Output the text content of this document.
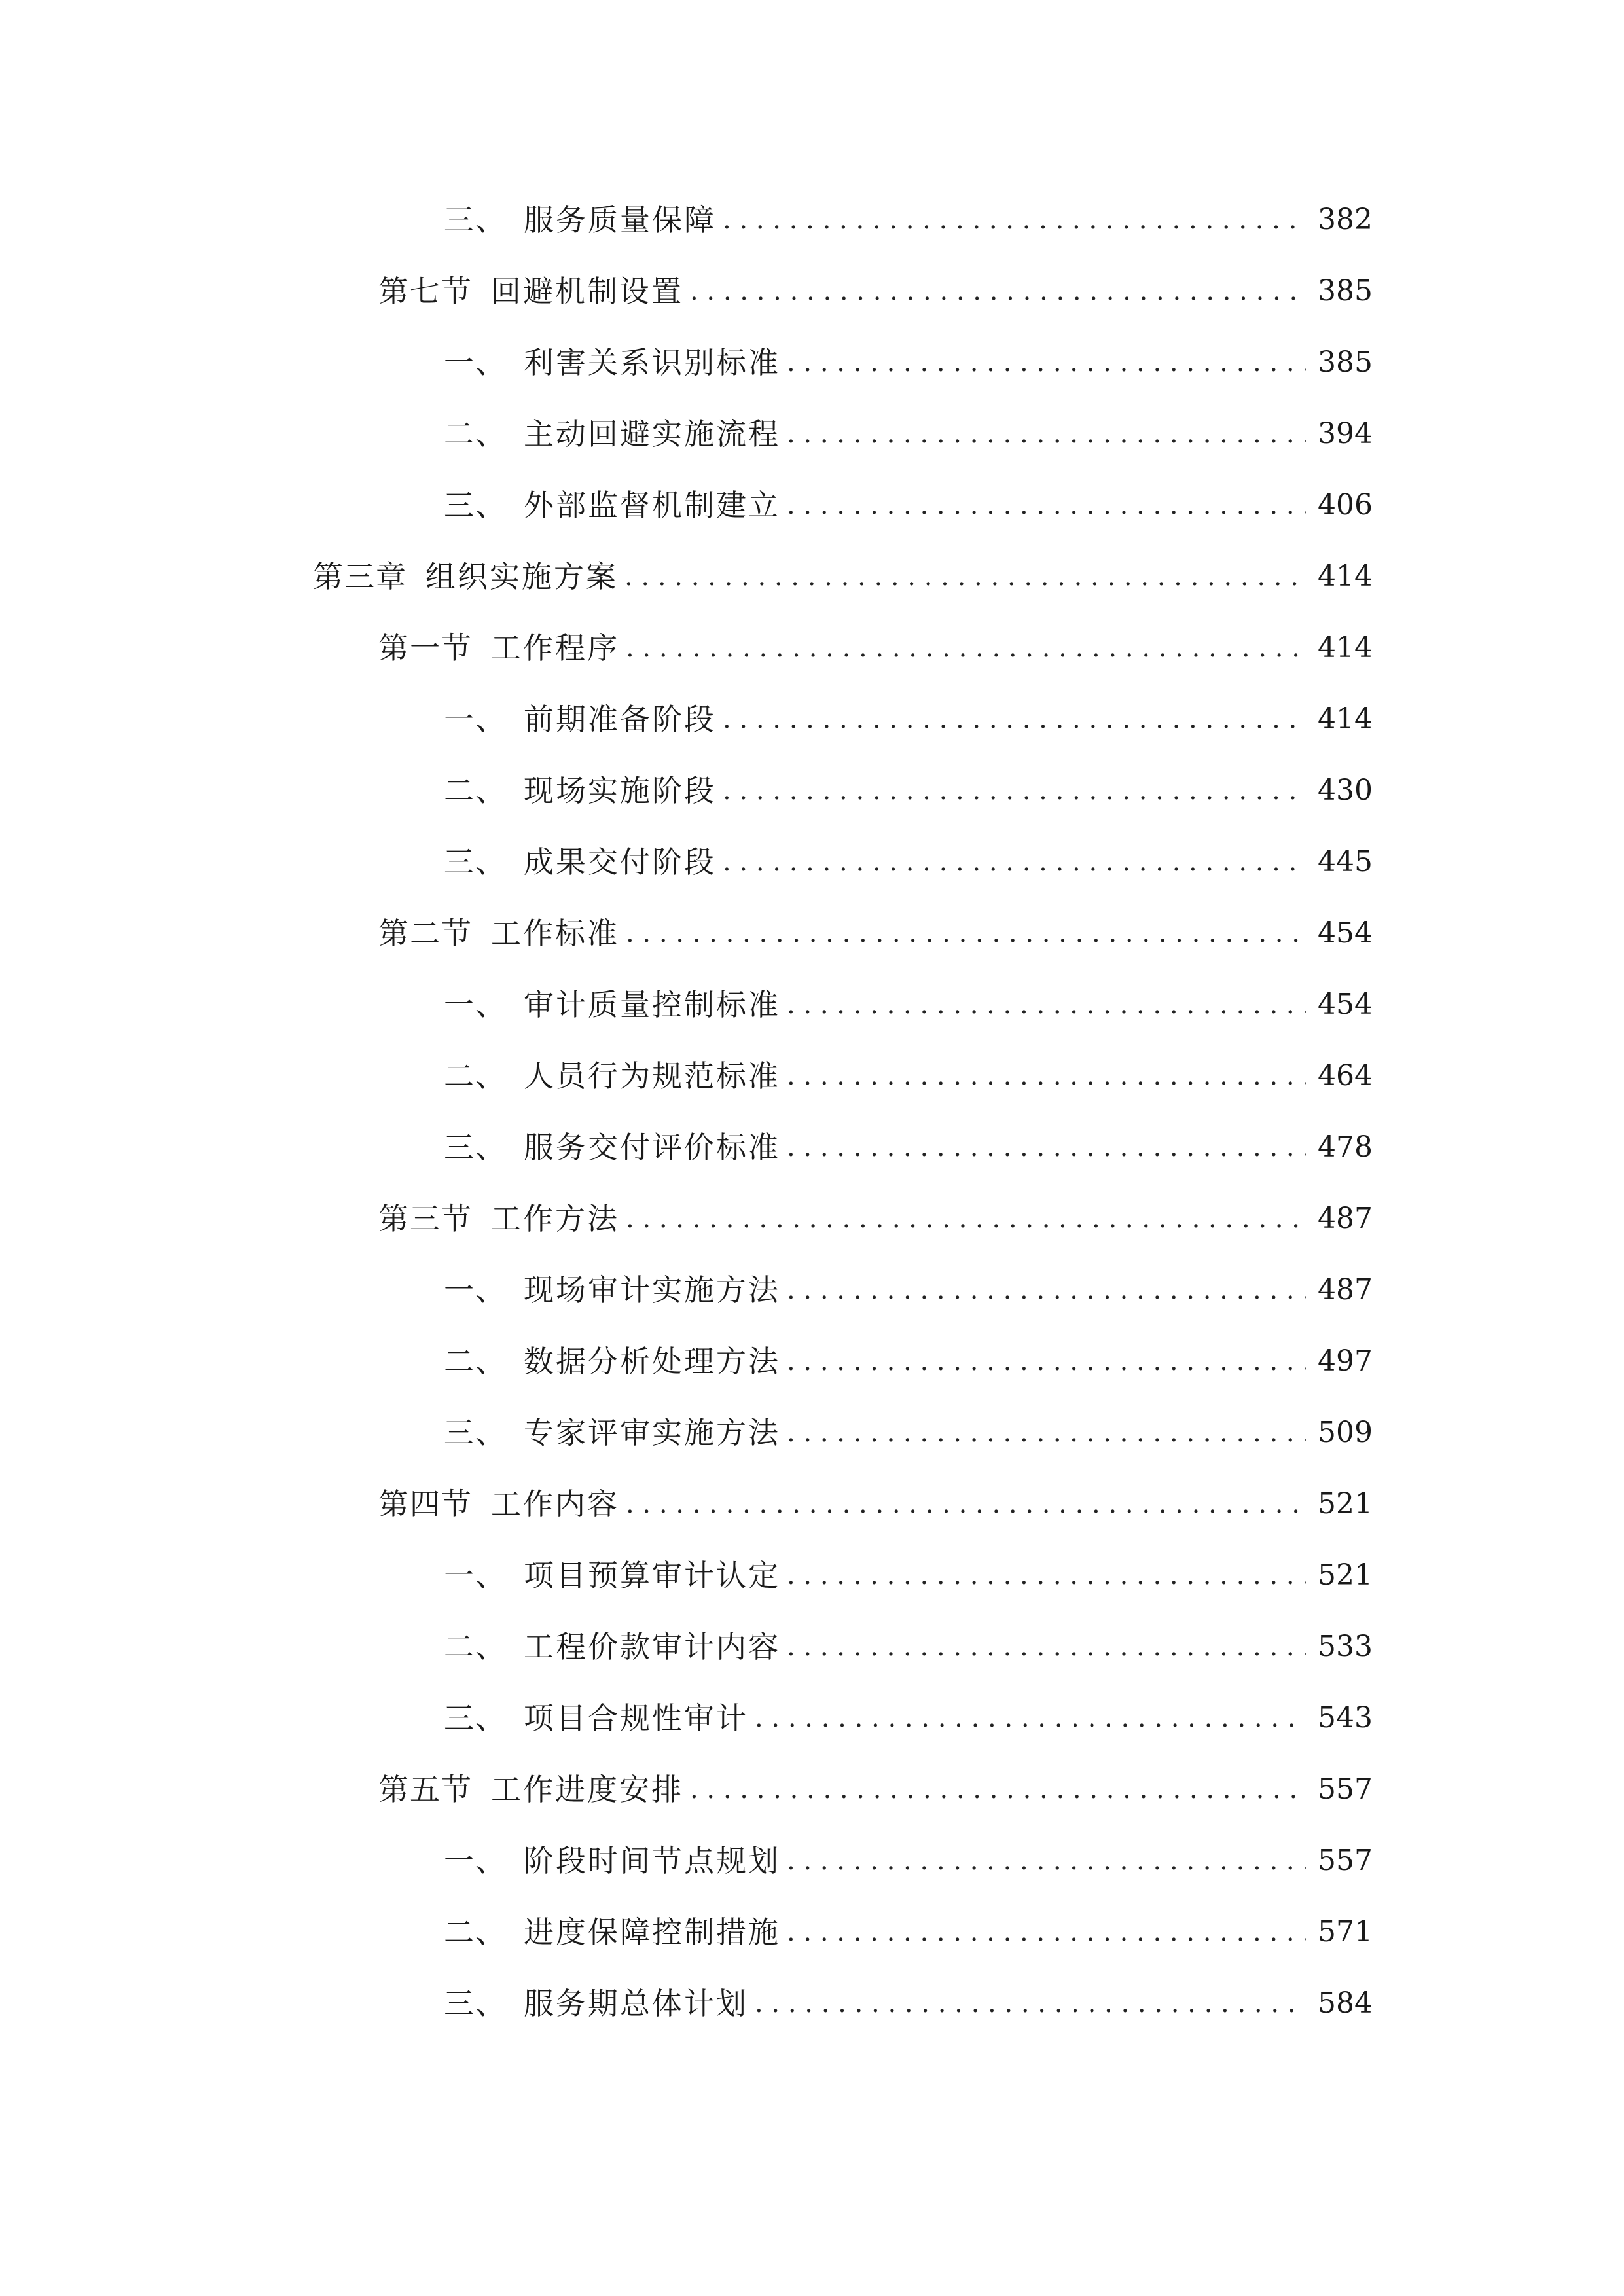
三、 服务质量保障 . . .	382
第七节 回避机制设置 . . .	385
一、 利害关系识别标准 . . .	385
二、 主动回避实施流程 . . .	394
三、 外部监督机制建立 . . .	406
第三章 组织实施方案 . . .	414
第一节 工作程序 . . .	414
一、 前期准备阶段 . . .	414
二、 现场实施阶段 . . .	430
三、 成果交付阶段 . . .	445
第二节 工作标准 . . .	454
一、 审计质量控制标准 . . .	454
二、 人员行为规范标准 . . .	464
三、 服务交付评价标准 . . .	478
第三节 工作方法 . . .	487
一、 现场审计实施方法 . . .	487
二、 数据分析处理方法 . . .	497
三、 专家评审实施方法 . . .	509
第四节 工作内容 . . .	521
一、 项目预算审计认定 . . .	521
二、 工程价款审计内容 . . .	533
三、 项目合规性审计 . . .	543
第五节 工作进度安排 . . .	557
一、 阶段时间节点规划 . . .	557
二、 进度保障控制措施 . . .	571
三、 服务期总体计划 . . .	584
